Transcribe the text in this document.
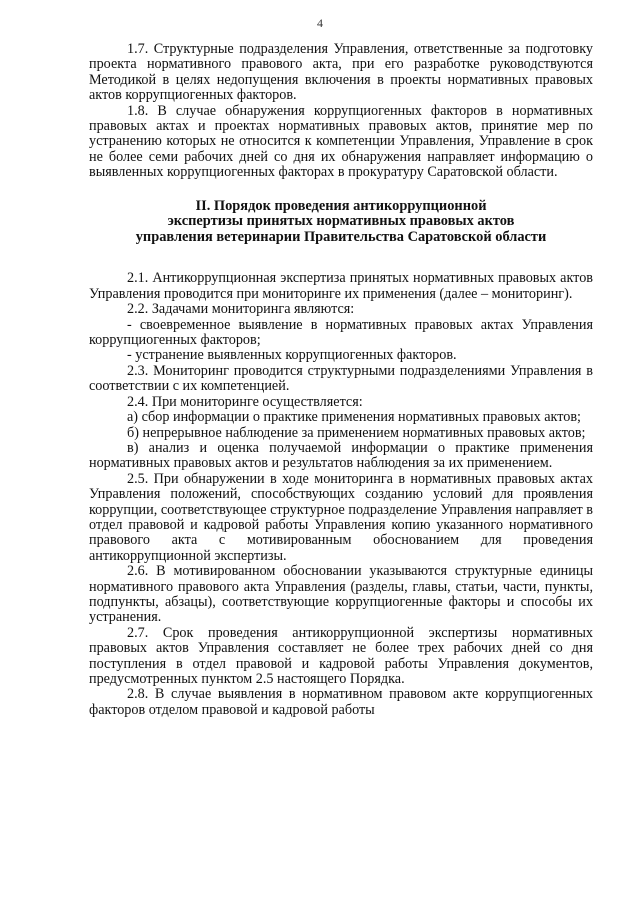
4

1.7. Структурные подразделения Управления, ответственные за подготовку проекта нормативного правового акта, при его разработке руководствуются Методикой в целях недопущения включения в проекты нормативных правовых актов коррупциогенных факторов.

1.8. В случае обнаружения коррупциогенных факторов в нормативных правовых актах и проектах нормативных правовых актов, принятие мер по устранению которых не относится к компетенции Управления, Управление в срок не более семи рабочих дней со дня их обнаружения направляет информацию о выявленных коррупциогенных факторах в прокуратуру Саратовской области.

II. Порядок проведения антикоррупционной
экспертизы принятых нормативных правовых актов
управления ветеринарии Правительства Саратовской области

2.1. Антикоррупционная экспертиза принятых нормативных правовых актов Управления проводится при мониторинге их применения (далее – мониторинг).

2.2. Задачами мониторинга являются:

- своевременное выявление в нормативных правовых актах Управления коррупциогенных факторов;

- устранение выявленных коррупциогенных факторов.

2.3. Мониторинг проводится структурными подразделениями Управления в соответствии с их компетенцией.

2.4. При мониторинге осуществляется:

а) сбор информации о практике применения нормативных правовых актов;

б) непрерывное наблюдение за применением нормативных правовых актов;

в) анализ и оценка получаемой информации о практике применения нормативных правовых актов и результатов наблюдения за их применением.

2.5. При обнаружении в ходе мониторинга в нормативных правовых актах Управления положений, способствующих созданию условий для проявления коррупции, соответствующее структурное подразделение Управления направляет в отдел правовой и кадровой работы Управления копию указанного нормативного правового акта с мотивированным обоснованием для проведения антикоррупционной экспертизы.

2.6. В мотивированном обосновании указываются структурные единицы нормативного правового акта Управления (разделы, главы, статьи, части, пункты, подпункты, абзацы), соответствующие коррупциогенные факторы и способы их устранения.

2.7. Срок проведения антикоррупционной экспертизы нормативных правовых актов Управления составляет не более трех рабочих дней со дня поступления в отдел правовой и кадровой работы Управления документов, предусмотренных пунктом 2.5 настоящего Порядка.

2.8. В случае выявления в нормативном правовом акте коррупциогенных факторов отделом правовой и кадровой работы
